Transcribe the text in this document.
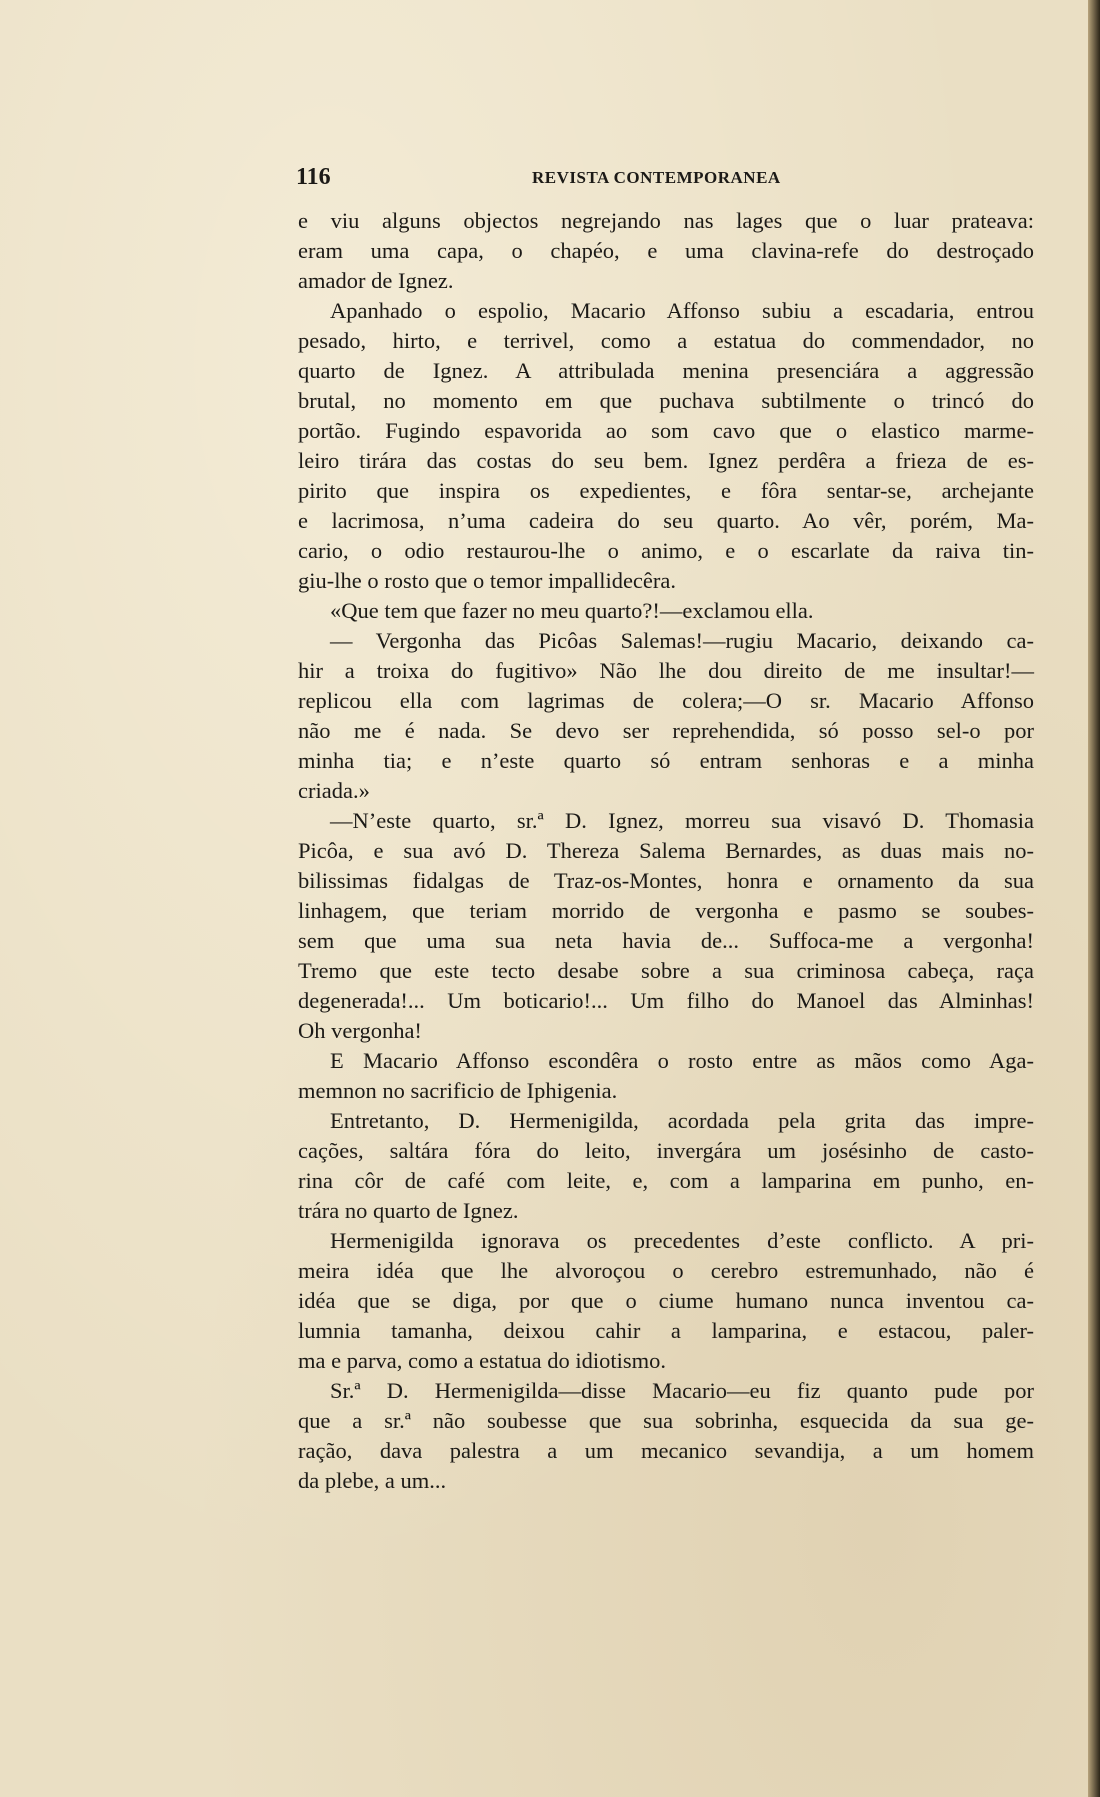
116	REVISTA CONTEMPORANEA
e viu alguns objectos negrejando nas lages que o luar prateava:
eram uma capa, o chapéo, e uma clavina-refe do destroçado
amador de Ignez.
Apanhado o espolio, Macario Affonso subiu a escadaria, entrou
pesado, hirto, e terrivel, como a estatua do commendador, no
quarto de Ignez. A attribulada menina presenciára a aggressão
brutal, no momento em que puchava subtilmente o trincó do
portão. Fugindo espavorida ao som cavo que o elastico marme-
leiro tirára das costas do seu bem. Ignez perdêra a frieza de es-
pirito que inspira os expedientes, e fôra sentar-se, archejante
e lacrimosa, n’uma cadeira do seu quarto. Ao vêr, porém, Ma-
cario, o odio restaurou-lhe o animo, e o escarlate da raiva tin-
giu-lhe o rosto que o temor impallidecêra.
«Que tem que fazer no meu quarto?!—exclamou ella.
— Vergonha das Picôas Salemas!—rugiu Macario, deixando ca-
hir a troixa do fugitivo» Não lhe dou direito de me insultar!—
replicou ella com lagrimas de colera;—O sr. Macario Affonso
não me é nada. Se devo ser reprehendida, só posso sel-o por
minha tia; e n’este quarto só entram senhoras e a minha
criada.»
—N’este quarto, sr.ª D. Ignez, morreu sua visavó D. Thomasia
Picôa, e sua avó D. Thereza Salema Bernardes, as duas mais no-
bilissimas fidalgas de Traz-os-Montes, honra e ornamento da sua
linhagem, que teriam morrido de vergonha e pasmo se soubes-
sem que uma sua neta havia de... Suffoca-me a vergonha!
Tremo que este tecto desabe sobre a sua criminosa cabeça, raça
degenerada!... Um boticario!... Um filho do Manoel das Alminhas!
Oh vergonha!
E Macario Affonso escondêra o rosto entre as mãos como Aga-
memnon no sacrificio de Iphigenia.
Entretanto, D. Hermenigilda, acordada pela grita das impre-
cações, saltára fóra do leito, invergára um josésinho de casto-
rina côr de café com leite, e, com a lamparina em punho, en-
trára no quarto de Ignez.
Hermenigilda ignorava os precedentes d’este conflicto. A pri-
meira idéa que lhe alvoroçou o cerebro estremunhado, não é
idéa que se diga, por que o ciume humano nunca inventou ca-
lumnia tamanha, deixou cahir a lamparina, e estacou, paler-
ma e parva, como a estatua do idiotismo.
Sr.ª D. Hermenigilda—disse Macario—eu fiz quanto pude por
que a sr.ª não soubesse que sua sobrinha, esquecida da sua ge-
ração, dava palestra a um mecanico sevandija, a um homem
da plebe, a um...
